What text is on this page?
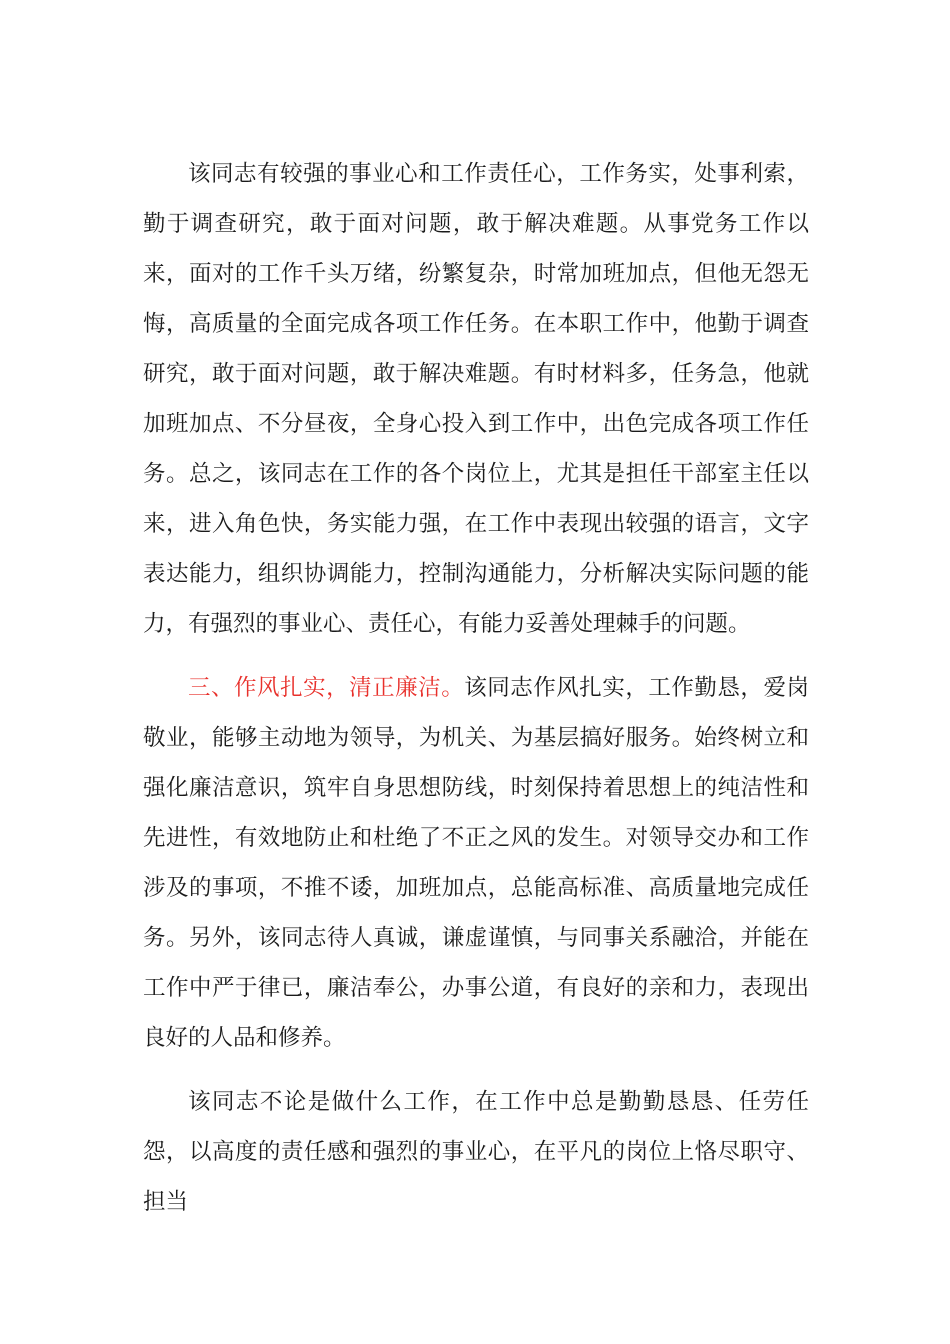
该同志有较强的事业心和工作责任心，工作务实，处事利索，勤于调查研究，敢于面对问题，敢于解决难题。从事党务工作以来，面对的工作千头万绪，纷繁复杂，时常加班加点，但他无怨无悔，高质量的全面完成各项工作任务。在本职工作中，他勤于调查研究，敢于面对问题，敢于解决难题。有时材料多，任务急，他就加班加点、不分昼夜，全身心投入到工作中，出色完成各项工作任务。总之，该同志在工作的各个岗位上，尤其是担任干部室主任以来，进入角色快，务实能力强，在工作中表现出较强的语言，文字表达能力，组织协调能力，控制沟通能力，分析解决实际问题的能力，有强烈的事业心、责任心，有能力妥善处理棘手的问题。

三、作风扎实，清正廉洁。该同志作风扎实，工作勤恳，爱岗敬业，能够主动地为领导，为机关、为基层搞好服务。始终树立和强化廉洁意识，筑牢自身思想防线，时刻保持着思想上的纯洁性和先进性，有效地防止和杜绝了不正之风的发生。对领导交办和工作涉及的事项，不推不诿，加班加点，总能高标准、高质量地完成任务。另外，该同志待人真诚，谦虚谨慎，与同事关系融洽，并能在工作中严于律已，廉洁奉公，办事公道，有良好的亲和力，表现出良好的人品和修养。

该同志不论是做什么工作，在工作中总是勤勤恳恳、任劳任怨，以高度的责任感和强烈的事业心，在平凡的岗位上恪尽职守、担当
